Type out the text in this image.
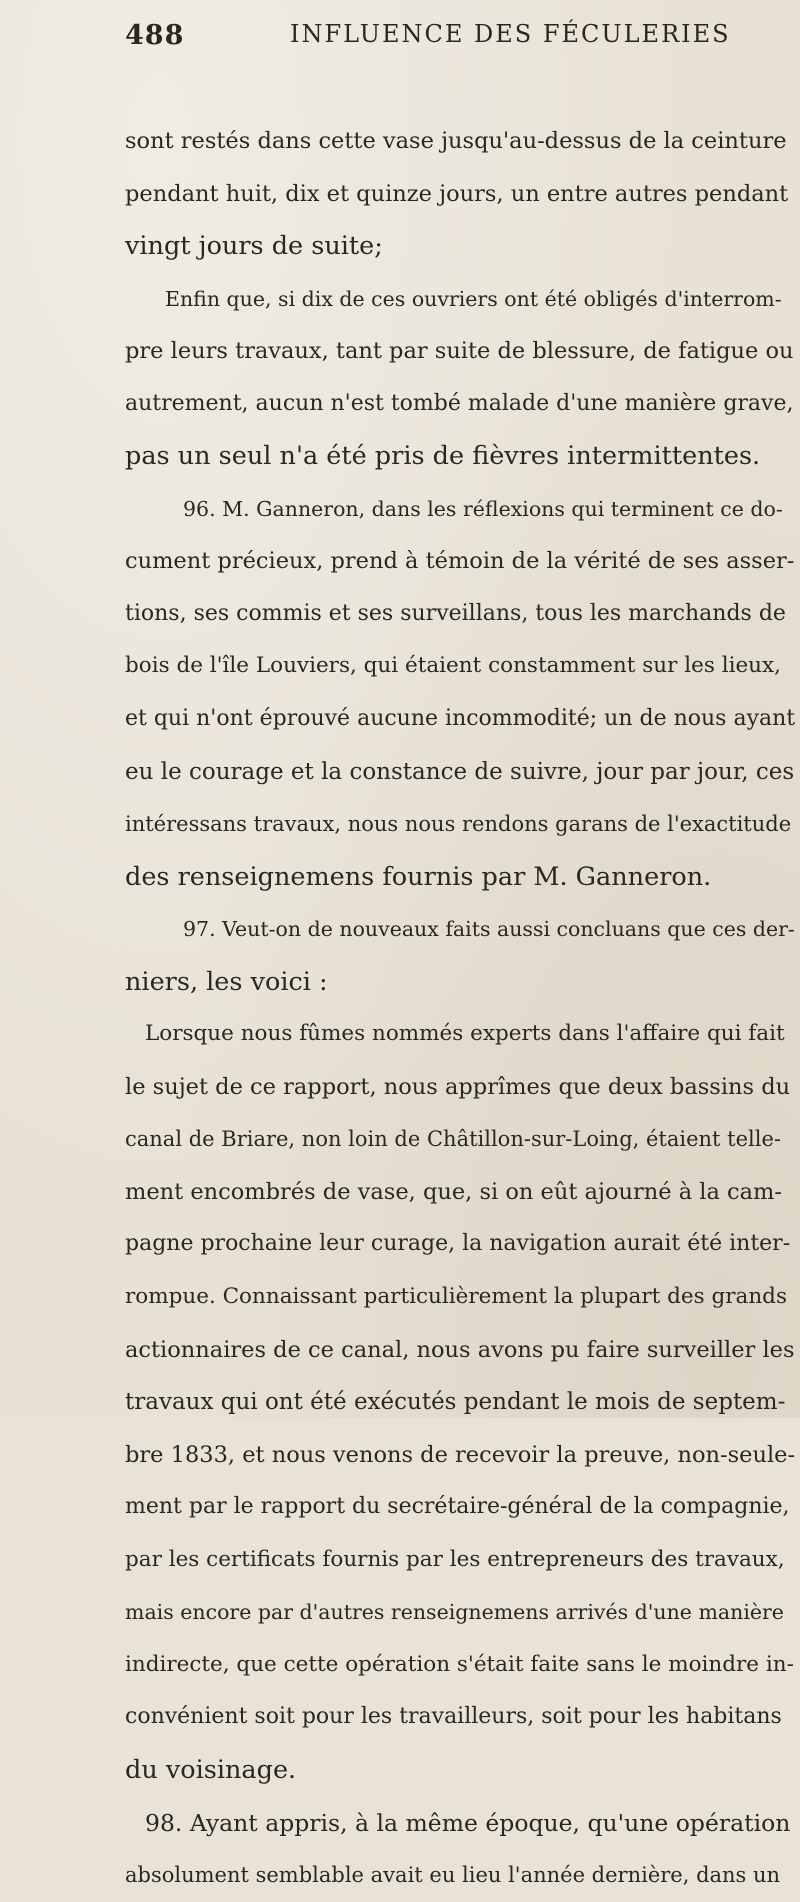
488	INFLUENCE DES FÉCULERIES
sont restés dans cette vase jusqu'au-dessus de la ceinture
pendant huit, dix et quinze jours, un entre autres pendant
vingt jours de suite;
Enfin que, si dix de ces ouvriers ont été obligés d'interrom-
pre leurs travaux, tant par suite de blessure, de fatigue ou
autrement, aucun n'est tombé malade d'une manière grave,
pas un seul n'a été pris de fièvres intermittentes.
96. M. Ganneron, dans les réflexions qui terminent ce do-
cument précieux, prend à témoin de la vérité de ses asser-
tions, ses commis et ses surveillans, tous les marchands de
bois de l'île Louviers, qui étaient constamment sur les lieux,
et qui n'ont éprouvé aucune incommodité; un de nous ayant
eu le courage et la constance de suivre, jour par jour, ces
intéressans travaux, nous nous rendons garans de l'exactitude
des renseignemens fournis par M. Ganneron.
97. Veut-on de nouveaux faits aussi concluans que ces der-
niers, les voici :
Lorsque nous fûmes nommés experts dans l'affaire qui fait
le sujet de ce rapport, nous apprîmes que deux bassins du
canal de Briare, non loin de Châtillon-sur-Loing, étaient telle-
ment encombrés de vase, que, si on eût ajourné à la cam-
pagne prochaine leur curage, la navigation aurait été inter-
rompue. Connaissant particulièrement la plupart des grands
actionnaires de ce canal, nous avons pu faire surveiller les
travaux qui ont été exécutés pendant le mois de septem-
bre 1833, et nous venons de recevoir la preuve, non-seule-
ment par le rapport du secrétaire-général de la compagnie,
par les certificats fournis par les entrepreneurs des travaux,
mais encore par d'autres renseignemens arrivés d'une manière
indirecte, que cette opération s'était faite sans le moindre in-
convénient soit pour les travailleurs, soit pour les habitans
du voisinage.
98. Ayant appris, à la même époque, qu'une opération
absolument semblable avait eu lieu l'année dernière, dans un
